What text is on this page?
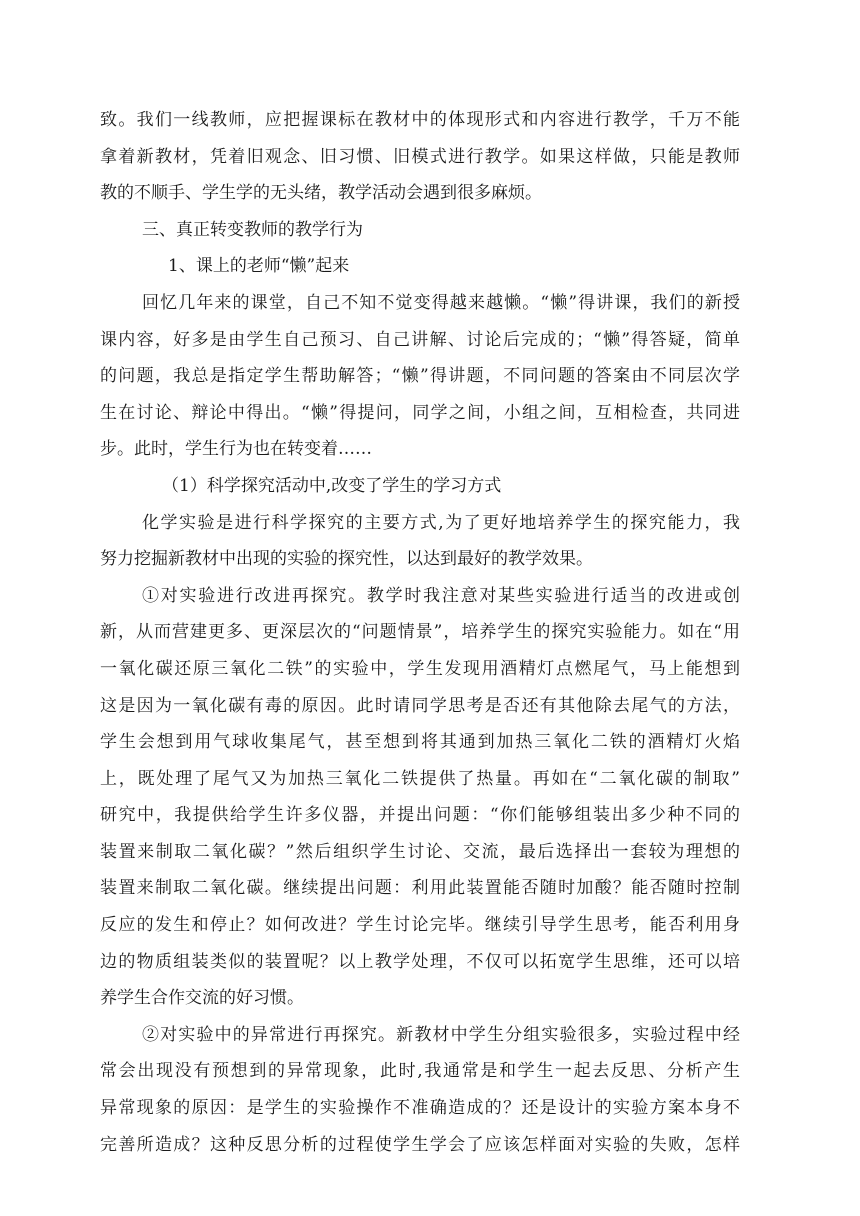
致。我们一线教师，应把握课标在教材中的体现形式和内容进行教学，千万不能
拿着新教材，凭着旧观念、旧习惯、旧模式进行教学。如果这样做，只能是教师
教的不顺手、学生学的无头绪，教学活动会遇到很多麻烦。
三、真正转变教师的教学行为
1、课上的老师“懒”起来
回忆几年来的课堂，自己不知不觉变得越来越懒。“懒”得讲课，我们的新授
课内容，好多是由学生自己预习、自己讲解、讨论后完成的；“懒”得答疑，简单
的问题，我总是指定学生帮助解答；“懒”得讲题，不同问题的答案由不同层次学
生在讨论、辩论中得出。“懒”得提问，同学之间，小组之间，互相检查，共同进
步。此时，学生行为也在转变着……
（1）科学探究活动中,改变了学生的学习方式
化学实验是进行科学探究的主要方式,为了更好地培养学生的探究能力，我
努力挖掘新教材中出现的实验的探究性，以达到最好的教学效果。
①对实验进行改进再探究。教学时我注意对某些实验进行适当的改进或创
新，从而营建更多、更深层次的“问题情景”，培养学生的探究实验能力。如在“用
一氧化碳还原三氧化二铁”的实验中，学生发现用酒精灯点燃尾气，马上能想到
这是因为一氧化碳有毒的原因。此时请同学思考是否还有其他除去尾气的方法，
学生会想到用气球收集尾气，甚至想到将其通到加热三氧化二铁的酒精灯火焰
上，既处理了尾气又为加热三氧化二铁提供了热量。再如在“二氧化碳的制取”
研究中，我提供给学生许多仪器，并提出问题：“你们能够组装出多少种不同的
装置来制取二氧化碳？”然后组织学生讨论、交流，最后选择出一套较为理想的
装置来制取二氧化碳。继续提出问题：利用此装置能否随时加酸？能否随时控制
反应的发生和停止？如何改进？学生讨论完毕。继续引导学生思考，能否利用身
边的物质组装类似的装置呢？以上教学处理，不仅可以拓宽学生思维，还可以培
养学生合作交流的好习惯。
②对实验中的异常进行再探究。新教材中学生分组实验很多，实验过程中经
常会出现没有预想到的异常现象，此时,我通常是和学生一起去反思、分析产生
异常现象的原因：是学生的实验操作不准确造成的？还是设计的实验方案本身不
完善所造成？这种反思分析的过程使学生学会了应该怎样面对实验的失败，怎样
